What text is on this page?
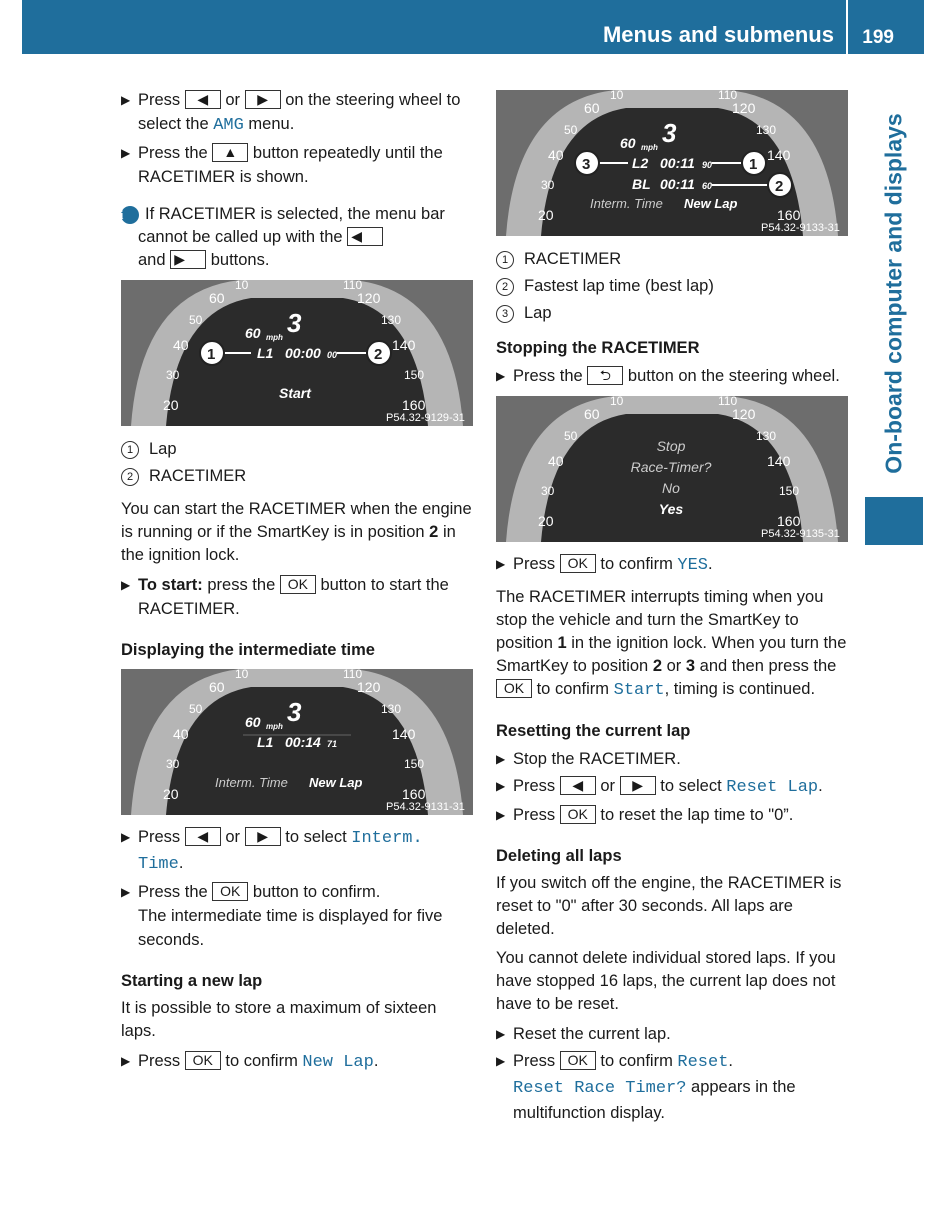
Menus and submenus 199
On-board computer and displays
▶ Press ◀ or ▶ on the steering wheel to select the AMG menu.
▶ Press the ▲ button repeatedly until the RACETIMER is shown.
i If RACETIMER is selected, the menu bar cannot be called up with the ◀
and ▶ buttons.
60
50
40
30
20
120
130
140
150
160
10	110
60 mph 3
L1 00:00 00
Start
1	2
P54.32-9129-31
1 Lap
2 RACETIMER
You can start the RACETIMER when the engine is running or if the SmartKey is in position 2 in the ignition lock.
▶ To start: press the OK button to start the RACETIMER.
Displaying the intermediate time
60
50
40
30
20
120
130
140
150
160
10	110
60 mph 3
L1 00:14 71
Interm. Time New Lap
P54.32-9131-31
▶ Press ◀ or ▶ to select Interm. Time.
▶ Press the OK button to confirm.
The intermediate time is displayed for five seconds.
Starting a new lap
It is possible to store a maximum of sixteen laps.
▶ Press OK to confirm New Lap.
60
50
40
30
20
120
130
140
10	110
160
60 mph 3
L2 00:11 90
BL 00:11 60
Interm. Time New Lap
3	1
2
P54.32-9133-31
1 RACETIMER
2 Fastest lap time (best lap)
3 Lap
Stopping the RACETIMER
▶ Press the ⮌ button on the steering wheel.
60
50
40
30
20
120
130
140
150
160
10	110
Stop
Race-Timer?
No
Yes
P54.32-9135-31
▶ Press OK to confirm YES.
The RACETIMER interrupts timing when you stop the vehicle and turn the SmartKey to position 1 in the ignition lock. When you turn the SmartKey to position 2 or 3 and then press the OK to confirm Start, timing is continued.
Resetting the current lap
▶ Stop the RACETIMER.
▶ Press ◀ or ▶ to select Reset Lap.
▶ Press OK to reset the lap time to "0”.
Deleting all laps
If you switch off the engine, the RACETIMER is reset to "0" after 30 seconds. All laps are deleted.
You cannot delete individual stored laps. If you have stopped 16 laps, the current lap does not have to be reset.
▶ Reset the current lap.
▶ Press OK to confirm Reset.
Reset Race Timer? appears in the multifunction display.
